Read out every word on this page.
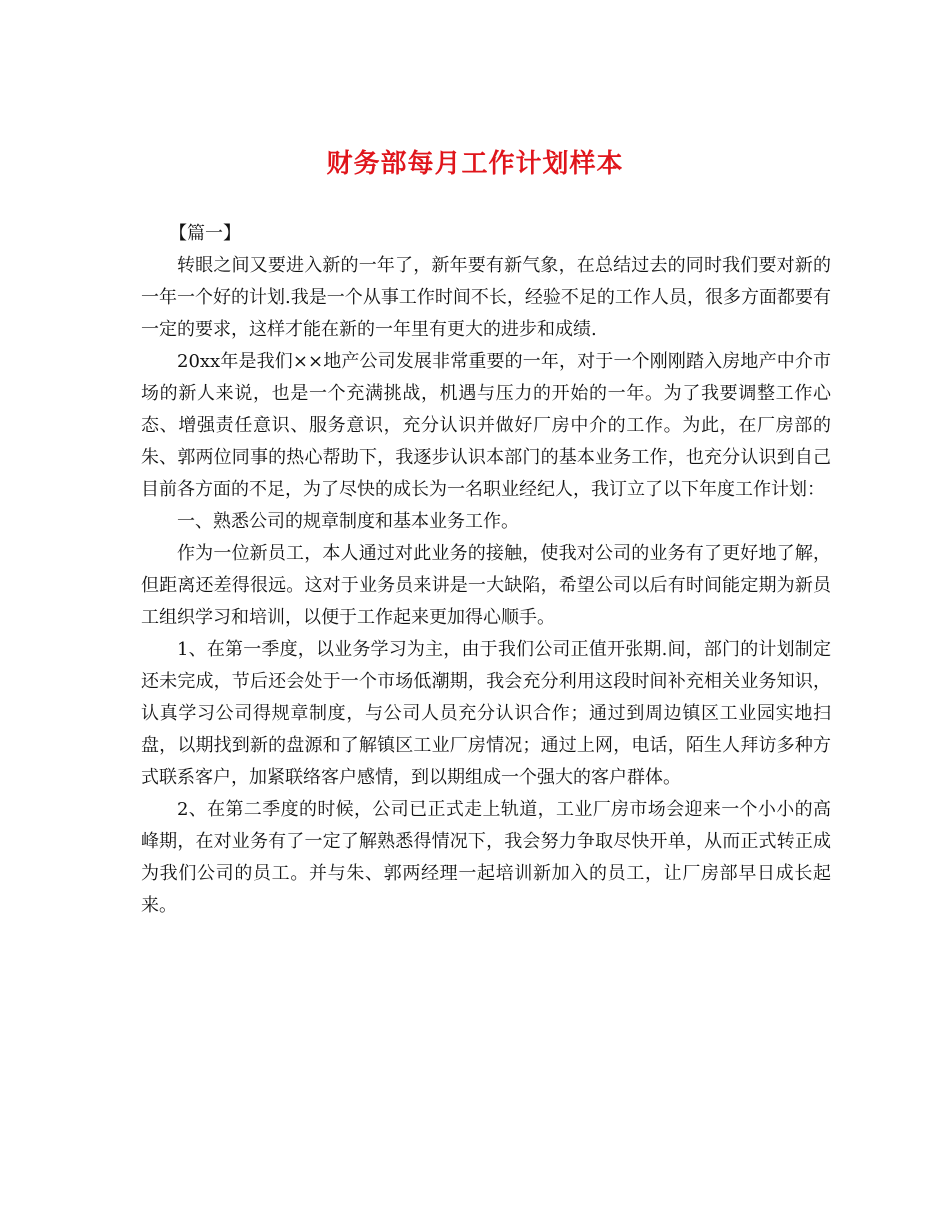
财务部每月工作计划样本

【篇一】

转眼之间又要进入新的一年了，新年要有新气象，在总结过去的同时我们要对新的一年一个好的计划.我是一个从事工作时间不长，经验不足的工作人员，很多方面都要有一定的要求，这样才能在新的一年里有更大的进步和成绩.

20xx年是我们××地产公司发展非常重要的一年，对于一个刚刚踏入房地产中介市场的新人来说，也是一个充满挑战，机遇与压力的开始的一年。为了我要调整工作心态、增强责任意识、服务意识，充分认识并做好厂房中介的工作。为此，在厂房部的朱、郭两位同事的热心帮助下，我逐步认识本部门的基本业务工作，也充分认识到自己目前各方面的不足，为了尽快的成长为一名职业经纪人，我订立了以下年度工作计划：

一、熟悉公司的规章制度和基本业务工作。

作为一位新员工，本人通过对此业务的接触，使我对公司的业务有了更好地了解，但距离还差得很远。这对于业务员来讲是一大缺陷，希望公司以后有时间能定期为新员工组织学习和培训，以便于工作起来更加得心顺手。

1、在第一季度，以业务学习为主，由于我们公司正值开张期.间，部门的计划制定还未完成，节后还会处于一个市场低潮期，我会充分利用这段时间补充相关业务知识，认真学习公司得规章制度，与公司人员充分认识合作；通过到周边镇区工业园实地扫盘，以期找到新的盘源和了解镇区工业厂房情况；通过上网，电话，陌生人拜访多种方式联系客户，加紧联络客户感情，到以期组成一个强大的客户群体。

2、在第二季度的时候，公司已正式走上轨道，工业厂房市场会迎来一个小小的高峰期，在对业务有了一定了解熟悉得情况下，我会努力争取尽快开单，从而正式转正成为我们公司的员工。并与朱、郭两经理一起培训新加入的员工，让厂房部早日成长起来。
